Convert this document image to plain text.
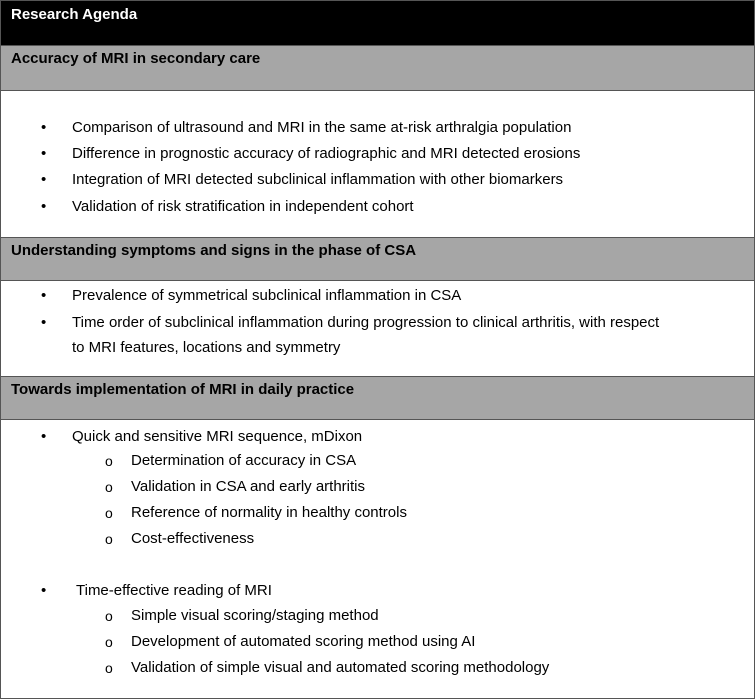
Research Agenda
Accuracy of MRI in secondary care
• Comparison of ultrasound and MRI in the same at-risk arthralgia population
• Difference in prognostic accuracy of radiographic and MRI detected erosions
• Integration of MRI detected subclinical inflammation with other biomarkers
• Validation of risk stratification in independent cohort
Understanding symptoms and signs in the phase of CSA
• Prevalence of symmetrical subclinical inflammation in CSA
• Time order of subclinical inflammation during progression to clinical arthritis, with respect
to MRI features, locations and symmetry
Towards implementation of MRI in daily practice
• Quick and sensitive MRI sequence, mDixon
o Determination of accuracy in CSA
o Validation in CSA and early arthritis
o Reference of normality in healthy controls
o Cost-effectiveness
• Time-effective reading of MRI
o Simple visual scoring/staging method
o Development of automated scoring method using AI
o Validation of simple visual and automated scoring methodology
